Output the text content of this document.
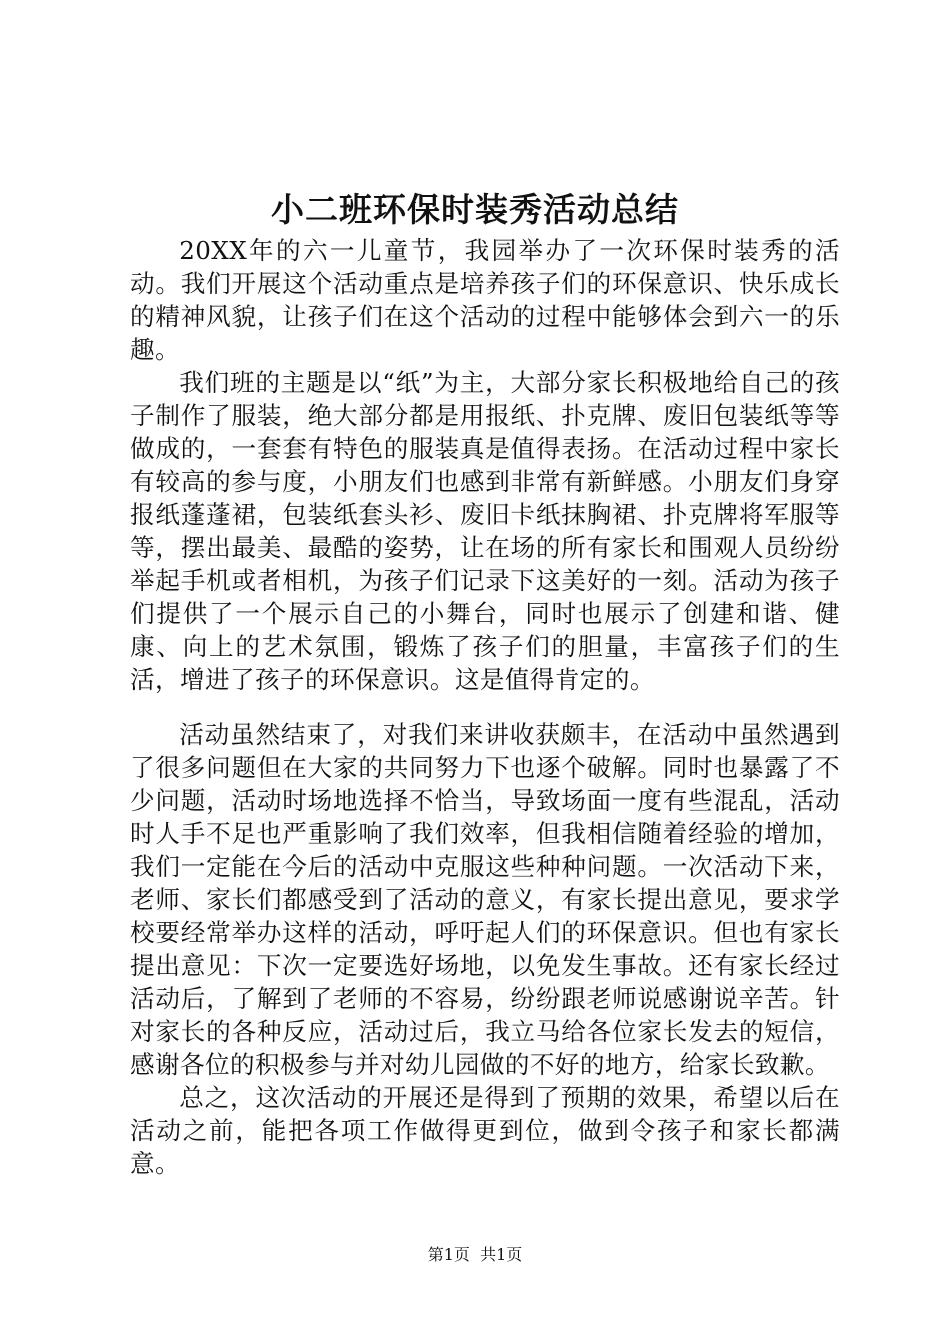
小二班环保时装秀活动总结

20XX年的六一儿童节，我园举办了一次环保时装秀的活动。我们开展这个活动重点是培养孩子们的环保意识、快乐成长的精神风貌，让孩子们在这个活动的过程中能够体会到六一的乐趣。

我们班的主题是以“纸”为主，大部分家长积极地给自己的孩子制作了服装，绝大部分都是用报纸、扑克牌、废旧包装纸等等做成的，一套套有特色的服装真是值得表扬。在活动过程中家长有较高的参与度，小朋友们也感到非常有新鲜感。小朋友们身穿报纸蓬蓬裙，包装纸套头衫、废旧卡纸抹胸裙、扑克牌将军服等等，摆出最美、最酷的姿势，让在场的所有家长和围观人员纷纷举起手机或者相机，为孩子们记录下这美好的一刻。活动为孩子们提供了一个展示自己的小舞台，同时也展示了创建和谐、健康、向上的艺术氛围，锻炼了孩子们的胆量，丰富孩子们的生活，增进了孩子的环保意识。这是值得肯定的。

活动虽然结束了，对我们来讲收获颇丰，在活动中虽然遇到了很多问题但在大家的共同努力下也逐个破解。同时也暴露了不少问题，活动时场地选择不恰当，导致场面一度有些混乱，活动时人手不足也严重影响了我们效率，但我相信随着经验的增加，我们一定能在今后的活动中克服这些种种问题。一次活动下来，老师、家长们都感受到了活动的意义，有家长提出意见，要求学校要经常举办这样的活动，呼吁起人们的环保意识。但也有家长提出意见：下次一定要选好场地，以免发生事故。还有家长经过活动后，了解到了老师的不容易，纷纷跟老师说感谢说辛苦。针对家长的各种反应，活动过后，我立马给各位家长发去的短信，感谢各位的积极参与并对幼儿园做的不好的地方，给家长致歉。

总之，这次活动的开展还是得到了预期的效果，希望以后在活动之前，能把各项工作做得更到位，做到令孩子和家长都满意。

第1页  共1页
